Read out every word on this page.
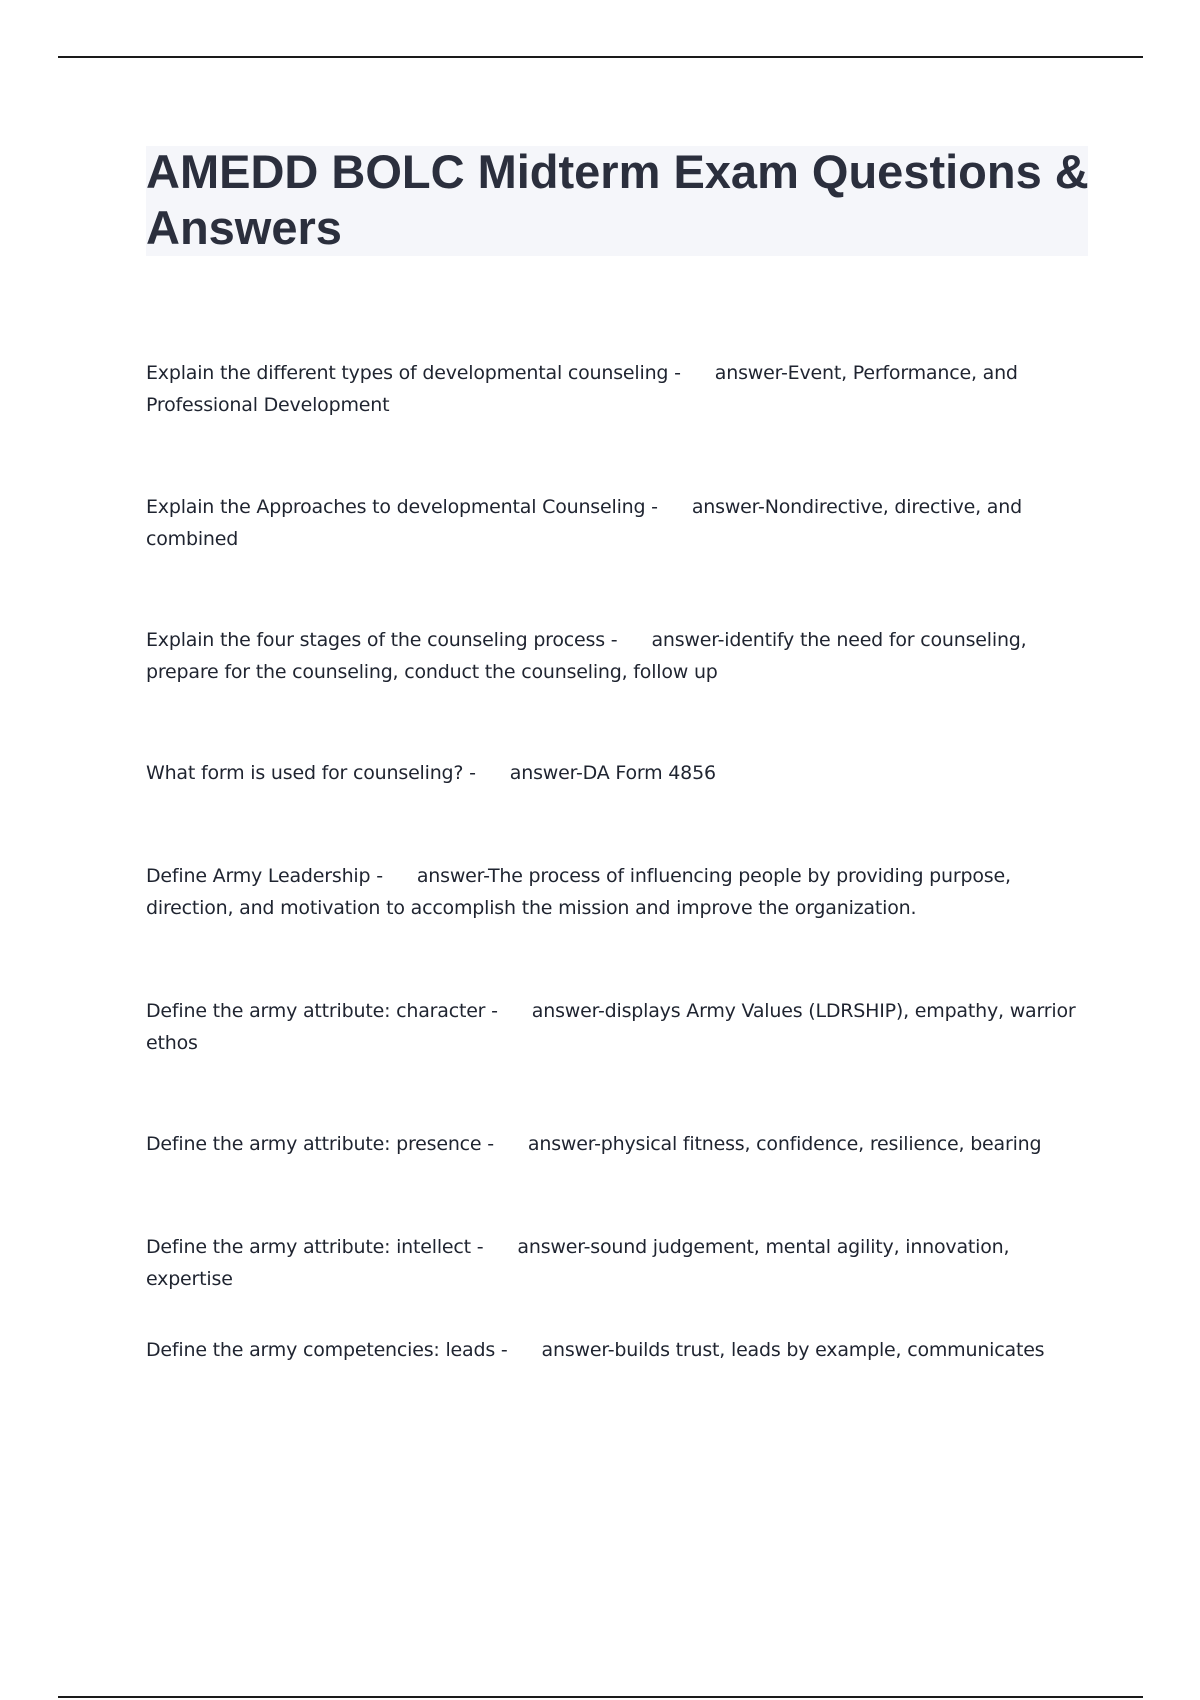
AMEDD BOLC Midterm Exam Questions & Answers

Explain the different types of developmental counseling - answer-Event, Performance, and Professional Development

Explain the Approaches to developmental Counseling - answer-Nondirective, directive, and combined

Explain the four stages of the counseling process - answer-identify the need for counseling, prepare for the counseling, conduct the counseling, follow up

What form is used for counseling? - answer-DA Form 4856

Define Army Leadership - answer-The process of influencing people by providing purpose, direction, and motivation to accomplish the mission and improve the organization.

Define the army attribute: character - answer-displays Army Values (LDRSHIP), empathy, warrior ethos

Define the army attribute: presence - answer-physical fitness, confidence, resilience, bearing

Define the army attribute: intellect - answer-sound judgement, mental agility, innovation, expertise

Define the army competencies: leads - answer-builds trust, leads by example, communicates
